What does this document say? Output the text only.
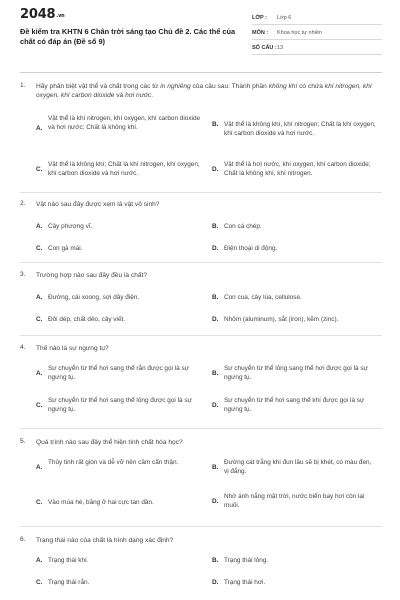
2048.vn
Đề kiểm tra KHTN 6 Chân trời sáng tạo Chủ đề 2. Các thể của chất có đáp án (Đề số 9)
LỚP : Lớp 6
MÔN : Khoa học tự nhiên
SỐ CÂU : 13
1. Hãy phân biệt vật thể và chất trong các từ in nghiêng của câu sau: Thành phần không khí có chứa khí nitrogen, khí oxygen, khí carbon dioxide và hơi nước.
A.
Vật thể là khí nitrogen, khí oxygen, khí carbon dioxide và hơi nước; Chất là không khí.	B. Vật thể là không khí, khí nitrogen; Chất là khí oxygen, khí carbon dioxide và hơi nước.
C.
Vật thể là không khí; Chất là khí nitrogen, khí oxygen, khí carbon dioxide và hơi nước.
D.
Vật thể là hơi nước, khí oxygen, khí carbon dioxide; Chất là không khí, khí nitrogen.
2. Vật nào sau đây được xem là vật vô sinh?
A. Cây phượng vĩ.	B. Con cá chép.
C. Con gà mái.	D. Điện thoại di động.
3. Trường hợp nào sau đây đều là chất?
A. Đường, cái xoong, sợi dây điện.	B. Con cua, cây lúa, cellulose.
C. Đôi dép, chất dẻo, cây viết.	D. Nhôm (aluminum), sắt (iron), kẽm (zinc).
4. Thế nào là sự ngưng tụ?
A.
Sự chuyển từ thể hơi sang thể rắn được gọi là sự ngưng tụ.
B.
Sự chuyển từ thể lỏng sang thể hơi được gọi là sự ngưng tụ.
C.
Sự chuyển từ thể hơi sang thể lỏng được gọi là sự ngưng tụ.
D.
Sự chuyển từ thể hơi sang thể khí được gọi là sự ngưng tụ.
5. Quá trình nào sau đây thể hiện tính chất hóa học?
A.
Thủy tinh rất giòn và dễ vỡ nên cầm cẩn thận.
B.
Đường cát trắng khi đun lâu sẽ bị khét, có màu đen, vị đắng.
C. Vào mùa hè, băng ở hai cực tan dần.	D.
Nhờ ánh nắng mặt trời, nước biển bay hơi còn lại muối.
6. Trạng thái nào của chất là hình dạng xác định?
A. Trạng thái khí.	B. Trạng thái lỏng.
C. Trạng thái rắn.	D. Trạng thái hơi.
